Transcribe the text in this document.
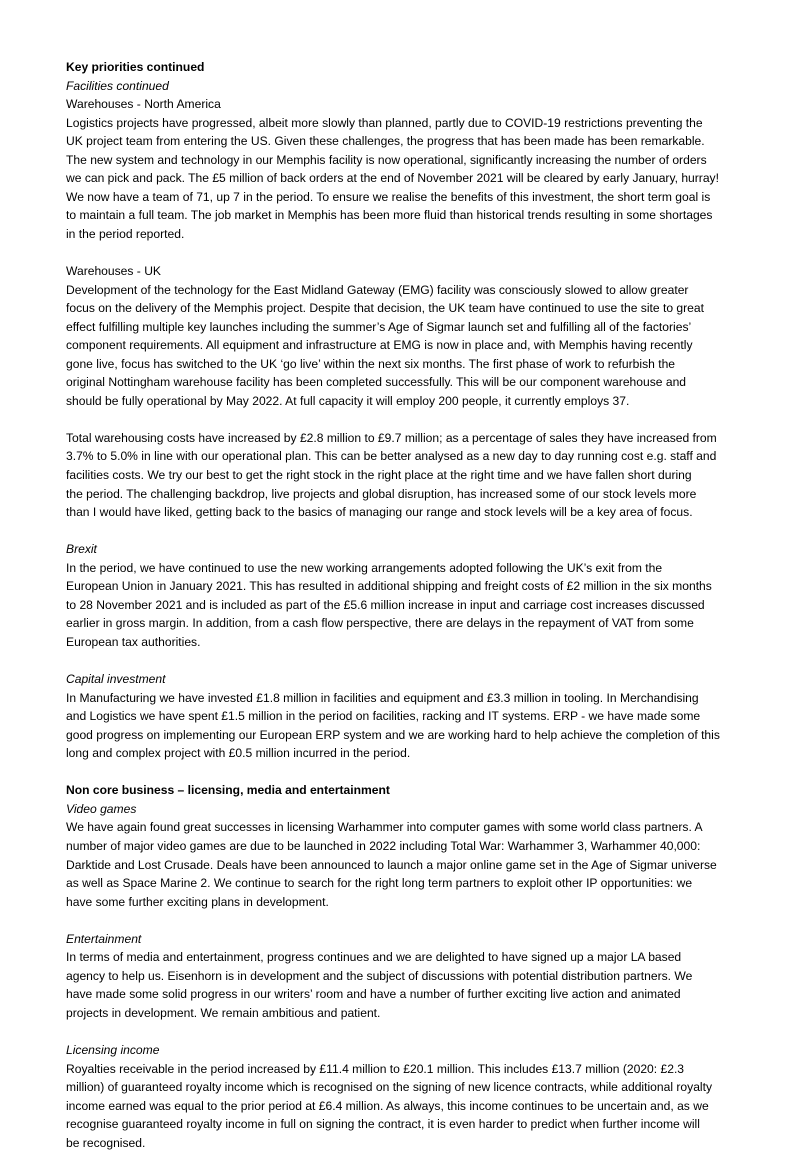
Key priorities continued
Facilities continued
Warehouses - North America
Logistics projects have progressed, albeit more slowly than planned, partly due to COVID-19 restrictions preventing the
UK project team from entering the US. Given these challenges, the progress that has been made has been remarkable.
The new system and technology in our Memphis facility is now operational, significantly increasing the number of orders
we can pick and pack. The £5 million of back orders at the end of November 2021 will be cleared by early January, hurray!
We now have a team of 71, up 7 in the period. To ensure we realise the benefits of this investment, the short term goal is
to maintain a full team. The job market in Memphis has been more fluid than historical trends resulting in some shortages
in the period reported.
Warehouses - UK
Development of the technology for the East Midland Gateway (EMG) facility was consciously slowed to allow greater
focus on the delivery of the Memphis project. Despite that decision, the UK team have continued to use the site to great
effect fulfilling multiple key launches including the summer’s Age of Sigmar launch set and fulfilling all of the factories’
component requirements. All equipment and infrastructure at EMG is now in place and, with Memphis having recently
gone live, focus has switched to the UK ‘go live’ within the next six months. The first phase of work to refurbish the
original Nottingham warehouse facility has been completed successfully. This will be our component warehouse and
should be fully operational by May 2022. At full capacity it will employ 200 people, it currently employs 37.
Total warehousing costs have increased by £2.8 million to £9.7 million; as a percentage of sales they have increased from
3.7% to 5.0% in line with our operational plan. This can be better analysed as a new day to day running cost e.g. staff and
facilities costs. We try our best to get the right stock in the right place at the right time and we have fallen short during
the period. The challenging backdrop, live projects and global disruption, has increased some of our stock levels more
than I would have liked, getting back to the basics of managing our range and stock levels will be a key area of focus.
Brexit
In the period, we have continued to use the new working arrangements adopted following the UK’s exit from the
European Union in January 2021. This has resulted in additional shipping and freight costs of £2 million in the six months
to 28 November 2021 and is included as part of the £5.6 million increase in input and carriage cost increases discussed
earlier in gross margin. In addition, from a cash flow perspective, there are delays in the repayment of VAT from some
European tax authorities.
Capital investment
In Manufacturing we have invested £1.8 million in facilities and equipment and £3.3 million in tooling. In Merchandising
and Logistics we have spent £1.5 million in the period on facilities, racking and IT systems. ERP - we have made some
good progress on implementing our European ERP system and we are working hard to help achieve the completion of this
long and complex project with £0.5 million incurred in the period.
Non core business – licensing, media and entertainment
Video games
We have again found great successes in licensing Warhammer into computer games with some world class partners. A
number of major video games are due to be launched in 2022 including Total War: Warhammer 3, Warhammer 40,000:
Darktide and Lost Crusade. Deals have been announced to launch a major online game set in the Age of Sigmar universe
as well as Space Marine 2. We continue to search for the right long term partners to exploit other IP opportunities: we
have some further exciting plans in development.
Entertainment
In terms of media and entertainment, progress continues and we are delighted to have signed up a major LA based
agency to help us. Eisenhorn is in development and the subject of discussions with potential distribution partners. We
have made some solid progress in our writers’ room and have a number of further exciting live action and animated
projects in development. We remain ambitious and patient.
Licensing income
Royalties receivable in the period increased by £11.4 million to £20.1 million. This includes £13.7 million (2020: £2.3
million) of guaranteed royalty income which is recognised on the signing of new licence contracts, while additional royalty
income earned was equal to the prior period at £6.4 million. As always, this income continues to be uncertain and, as we
recognise guaranteed royalty income in full on signing the contract, it is even harder to predict when further income will
be recognised.
